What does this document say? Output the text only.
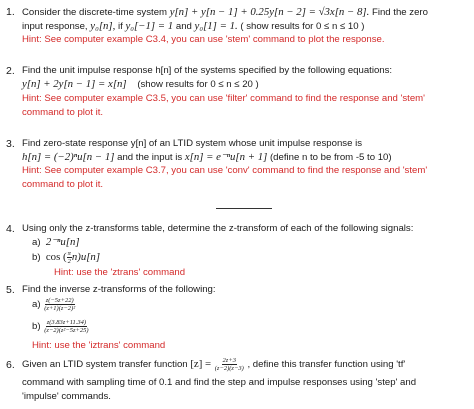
1. Consider the discrete-time system y[n] + y[n − 1] + 0.25y[n − 2] = √3x[n − 8]. Find the zero
input response, y₀[n], if y₀[−1] = 1 and y₀[1] = 1. ( show results for 0 ≤ n ≤ 10 )
Hint: See computer example C3.4, you can use 'stem' command to plot the response.
2. Find the unit impulse response h[n] of the systems specified by the following equations:
y[n] + 2y[n − 1] = x[n] (show results for 0 ≤ n ≤ 20 )
Hint: See computer example C3.5, you can use 'filter' command to find the response and 'stem'
command to plot it.
3. Find zero-state response y[n] of an LTID system whose unit impulse response is
h[n] = (−2)ⁿu[n − 1] and the input is x[n] = e⁻ⁿu[n + 1] (define n to be from -5 to 10)
Hint: See computer example C3.7, you can use 'conv' command to find the response and 'stem'
command to plot it.
4. Using only the z-transforms table, determine the z-transform of each of the following signals:
a) 2⁻ⁿu[n]
b) cos ( $\frac{\pi}{2} n)u[n]$
Hint: use the 'ztrans' command
5. Find the inverse z-transforms of the following:
$a) \frac{z(-5z+22)}{\text{(z+1)(z−2)²}}$
$b) \frac{z(3.83z+11.34)}{\text{(z−2)(z²−5z+25)}}$
Hint: use the 'iztrans' command
6. Given an LTID system transfer function $[z] = \frac{2z+3}{(z-2)(z-3)}$ , define this transfer function using 'tf'
command with sampling time of 0.1 and find the step and impulse responses using 'step' and
'impulse' commands.
